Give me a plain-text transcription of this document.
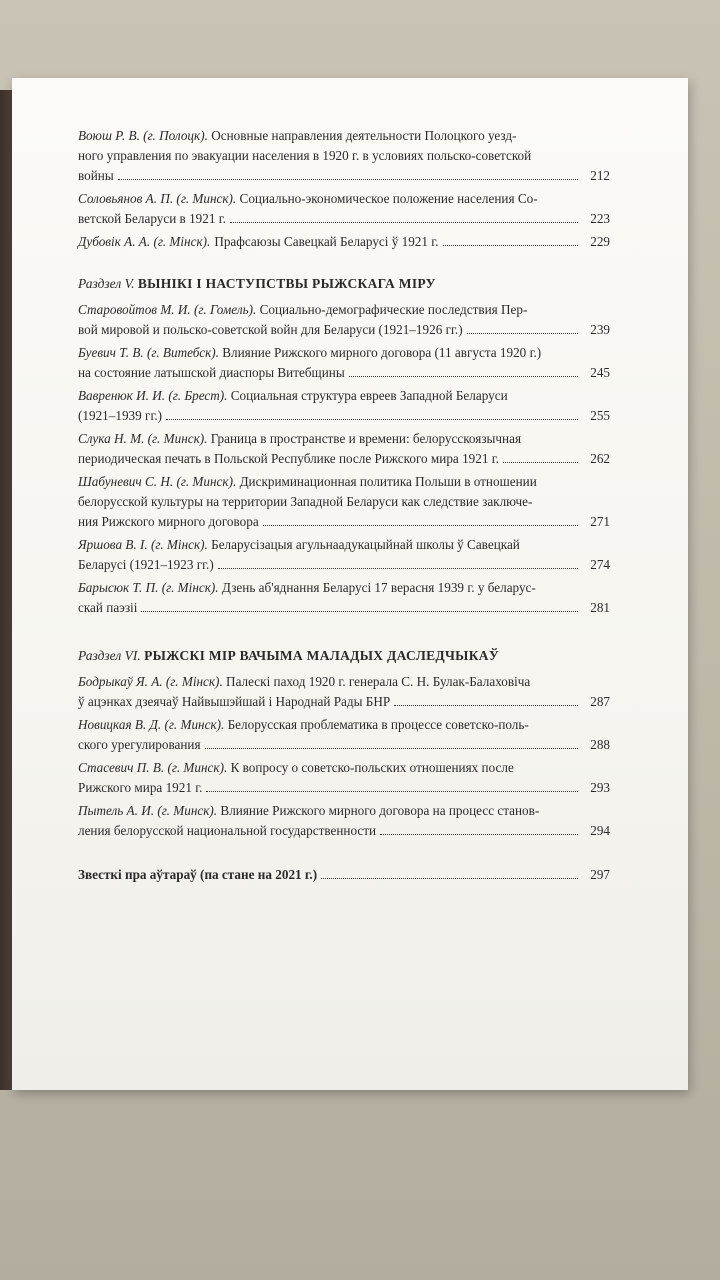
Воюш Р. В. (г. Полоцк). Основные направления деятельности Полоцкого уезд-
ного управления по эвакуации населения в 1920 г. в условиях польско-советской
войны	212
Соловьянов А. П. (г. Минск). Социально-экономическое положение населения Со-
ветской Беларуси в 1921 г.	223
Дубовік А. А. (г. Мінск). Прафсаюзы Савецкай Беларусі ў 1921 г.	229
Раздзел V. ВЫНІКІ І НАСТУПСТВЫ РЫЖСКАГА МІРУ
Старовойтов М. И. (г. Гомель). Социально-демографические последствия Пер-
вой мировой и польско-советской войн для Беларуси (1921–1926 гг.)	239
Буевич Т. В. (г. Витебск). Влияние Рижского мирного договора (11 августа 1920 г.)
на состояние латышской диаспоры Витебщины	245
Вавренюк И. И. (г. Брест). Социальная структура евреев Западной Беларуси
(1921–1939 гг.)	255
Слука Н. М. (г. Минск). Граница в пространстве и времени: белорусскоязычная
периодическая печать в Польской Республике после Рижского мира 1921 г.	262
Шабуневич С. Н. (г. Минск). Дискриминационная политика Польши в отношении
белорусской культуры на территории Западной Беларуси как следствие заключе-
ния Рижского мирного договора	271
Яршова В. І. (г. Мінск). Беларусізацыя агульнаадукацыйнай школы ў Савецкай
Беларусі (1921–1923 гг.)	274
Барысюк Т. П. (г. Мінск). Дзень аб'яднання Беларусі 17 верасня 1939 г. у беларус-
скай паэзіі	281
Раздзел VI. РЫЖСКІ МІР ВАЧЫМА МАЛАДЫХ ДАСЛЕДЧЫКАЎ
Бодрыкаў Я. А. (г. Мінск). Палескі паход 1920 г. генерала С. Н. Булак-Балаховіча
ў ацэнках дзеячаў Найвышэйшай і Народнай Рады БНР	287
Новицкая В. Д. (г. Минск). Белорусская проблематика в процессе советско-поль-
ского урегулирования	288
Стасевич П. В. (г. Минск). К вопросу о советско-польских отношениях после
Рижского мира 1921 г.	293
Пытель А. И. (г. Минск). Влияние Рижского мирного договора на процесс станов-
ления белорусской национальной государственности	294
Звесткі пра аўтараў (па стане на 2021 г.)	297
